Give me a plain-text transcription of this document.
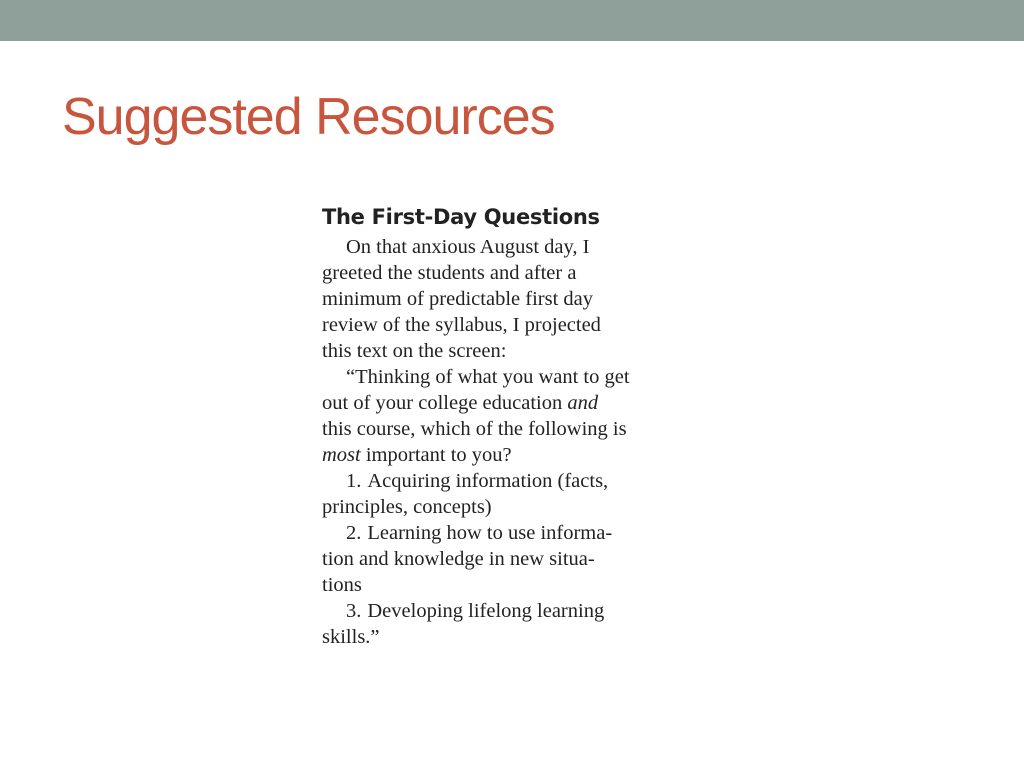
Suggested Resources
The First-Day Questions
On that anxious August day, I
greeted the students and after a
minimum of predictable first day
review of the syllabus, I projected
this text on the screen:
“Thinking of what you want to get
out of your college education and
this course, which of the following is
most important to you?
1. Acquiring information (facts,
principles, concepts)
2. Learning how to use informa-
tion and knowledge in new situa-
tions
3. Developing lifelong learning
skills.”
